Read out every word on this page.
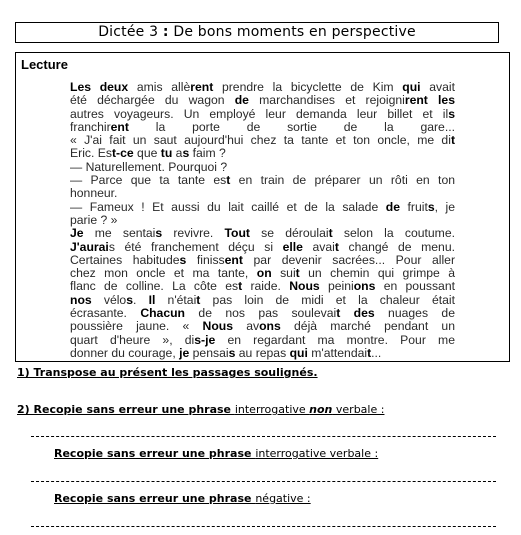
Dictée 3 : De bons moments en perspective
Lecture

Les deux amis allèrent prendre la bicyclette de Kim qui avait

été déchargée du wagon de marchandises et rejoignirent les

autres voyageurs. Un employé leur demanda leur billet et ils

franchirent la porte de sortie de la gare...

« J'ai fait un saut aujourd'hui chez ta tante et ton oncle, me dit

Eric. Est-ce que tu as faim ?

— Naturellement. Pourquoi ?

— Parce que ta tante est en train de préparer un rôti en ton

honneur.

— Fameux ! Et aussi du lait caillé et de la salade de fruits, je

parie ? »

Je me sentais revivre. Tout se déroulait selon la coutume.

J'aurais été franchement déçu si elle avait changé de menu.

Certaines habitudes finissent par devenir sacrées... Pour aller

chez mon oncle et ma tante, on suit un chemin qui grimpe à

flanc de colline. La côte est raide. Nous peinions en poussant

nos vélos. Il n'était pas loin de midi et la chaleur était

écrasante. Chacun de nos pas soulevait des nuages de

poussière jaune. « Nous avons déjà marché pendant un

quart d'heure », dis-je en regardant ma montre. Pour me

donner du courage, je pensais au repas qui m'attendait...

1) Transpose au présent les passages soulignés.
2) Recopie sans erreur une phrase interrogative non verbale :
Recopie sans erreur une phrase interrogative verbale :
Recopie sans erreur une phrase négative :
